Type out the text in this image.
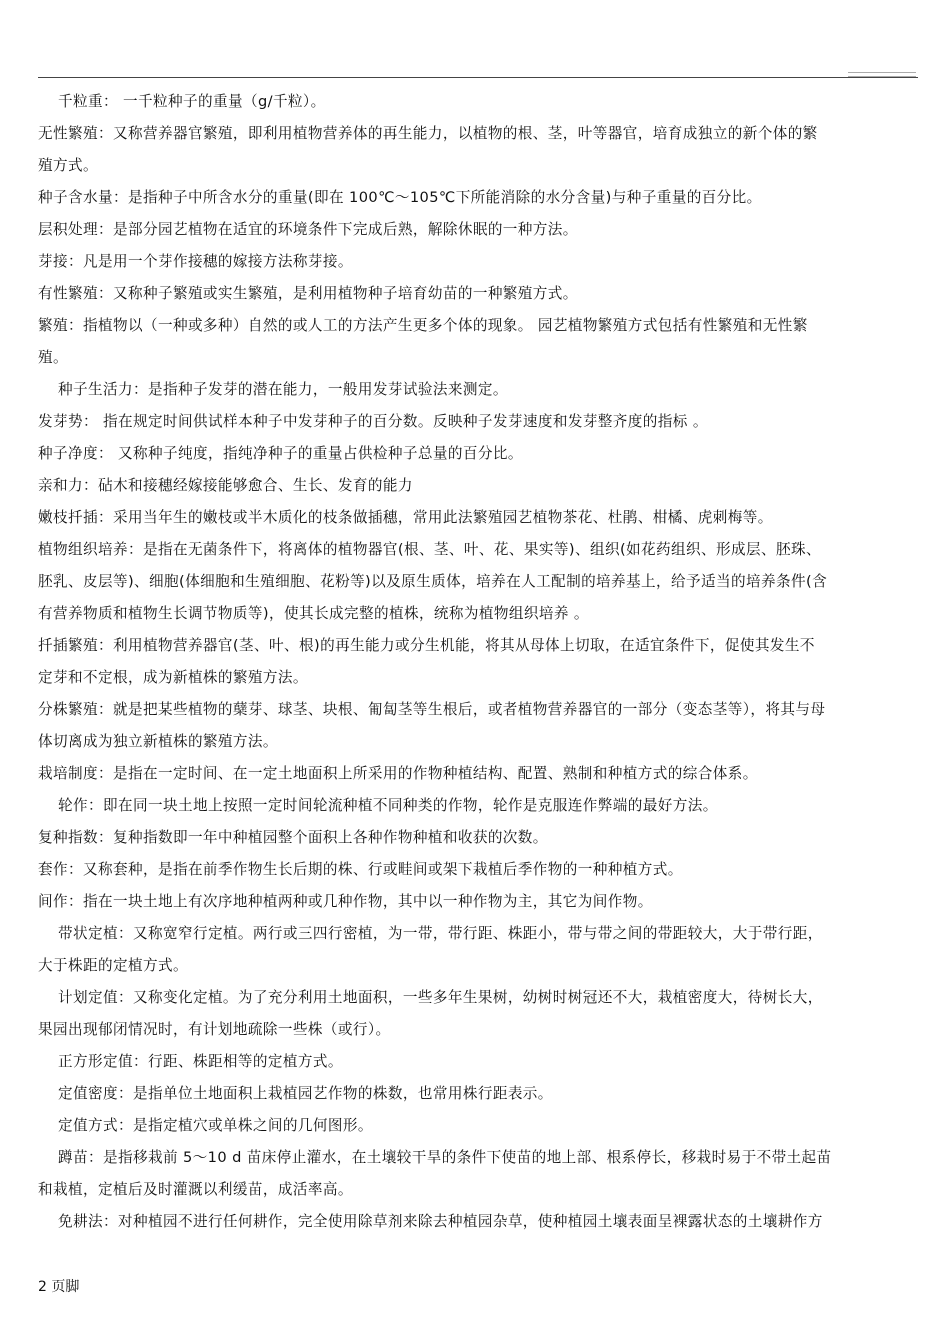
千粒重： 一千粒种子的重量（g/千粒）。
无性繁殖：又称营养器官繁殖，即利用植物营养体的再生能力，以植物的根、茎，叶等器官，培育成独立的新个体的繁
殖方式。
种子含水量：是指种子中所含水分的重量(即在 100℃～105℃下所能消除的水分含量)与种子重量的百分比。
层积处理：是部分园艺植物在适宜的环境条件下完成后熟，解除休眠的一种方法。
芽接：凡是用一个芽作接穗的嫁接方法称芽接。
有性繁殖：又称种子繁殖或实生繁殖，是利用植物种子培育幼苗的一种繁殖方式。
繁殖：指植物以（一种或多种）自然的或人工的方法产生更多个体的现象。 园艺植物繁殖方式包括有性繁殖和无性繁
殖。
种子生活力：是指种子发芽的潜在能力，一般用发芽试验法来测定。
发芽势： 指在规定时间供试样本种子中发芽种子的百分数。反映种子发芽速度和发芽整齐度的指标 。
种子净度： 又称种子纯度，指纯净种子的重量占供检种子总量的百分比。
亲和力：砧木和接穗经嫁接能够愈合、生长、发育的能力
嫩枝扦插：采用当年生的嫩枝或半木质化的枝条做插穗，常用此法繁殖园艺植物茶花、杜鹃、柑橘、虎刺梅等。
植物组织培养：是指在无菌条件下，将离体的植物器官(根、茎、叶、花、果实等)、组织(如花药组织、形成层、胚珠、
胚乳、皮层等)、细胞(体细胞和生殖细胞、花粉等)以及原生质体，培养在人工配制的培养基上，给予适当的培养条件(含
有营养物质和植物生长调节物质等)，使其长成完整的植株，统称为植物组织培养 。
扦插繁殖：利用植物营养器官(茎、叶、根)的再生能力或分生机能，将其从母体上切取，在适宜条件下，促使其发生不
定芽和不定根，成为新植株的繁殖方法。
分株繁殖：就是把某些植物的蘖芽、球茎、块根、匍匐茎等生根后，或者植物营养器官的一部分（变态茎等），将其与母
体切离成为独立新植株的繁殖方法。
栽培制度：是指在一定时间、在一定土地面积上所采用的作物种植结构、配置、熟制和种植方式的综合体系。
轮作：即在同一块土地上按照一定时间轮流种植不同种类的作物，轮作是克服连作弊端的最好方法。
复种指数：复种指数即一年中种植园整个面积上各种作物种植和收获的次数。
套作：又称套种，是指在前季作物生长后期的株、行或畦间或架下栽植后季作物的一种种植方式。
间作：指在一块土地上有次序地种植两种或几种作物，其中以一种作物为主，其它为间作物。
带状定植：又称宽窄行定植。两行或三四行密植，为一带，带行距、株距小，带与带之间的带距较大，大于带行距，
大于株距的定植方式。
计划定值：又称变化定植。为了充分利用土地面积，一些多年生果树，幼树时树冠还不大，栽植密度大，待树长大，
果园出现郁闭情况时，有计划地疏除一些株（或行）。
正方形定值：行距、株距相等的定植方式。
定值密度：是指单位土地面积上栽植园艺作物的株数，也常用株行距表示。
定值方式：是指定植穴或单株之间的几何图形。
蹲苗：是指移栽前 5～10 d 苗床停止灌水，在土壤较干旱的条件下使苗的地上部、根系停长，移栽时易于不带土起苗
和栽植，定植后及时灌溉以利缓苗，成活率高。
免耕法：对种植园不进行任何耕作，完全使用除草剂来除去种植园杂草，使种植园土壤表面呈裸露状态的土壤耕作方
2 页脚
